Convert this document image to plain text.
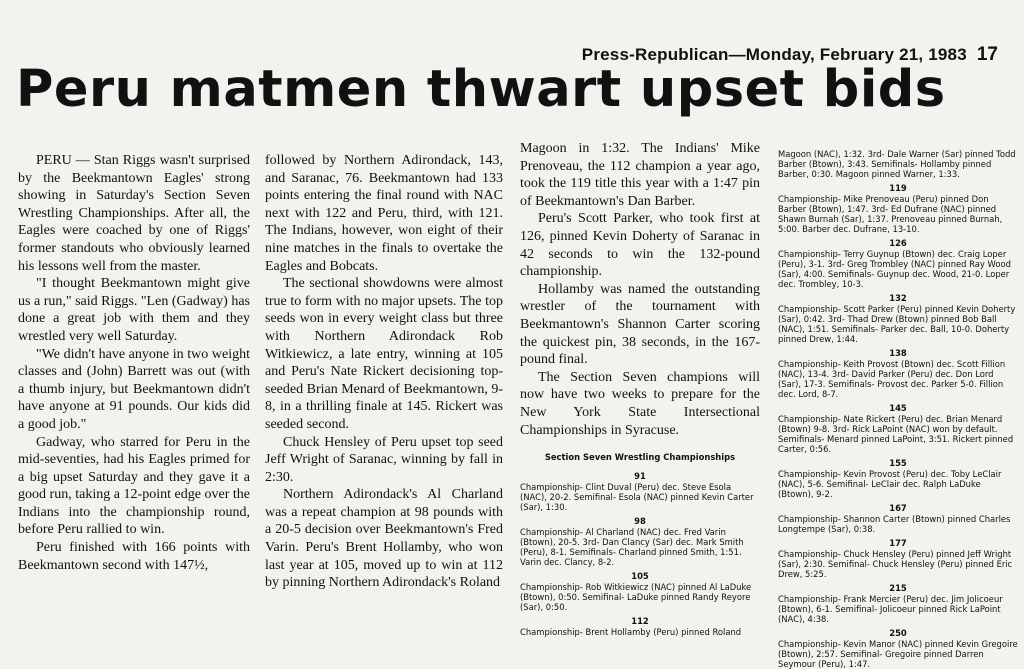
Press-Republican—Monday, February 21, 1983 17
Peru matmen thwart upset bids

PERU — Stan Riggs wasn't surprised by the Beekmantown Eagles' strong showing in Saturday's Section Seven Wrestling Championships. After all, the Eagles were coached by one of Riggs' former standouts who obviously learned his lessons well from the master.

"I thought Beekmantown might give us a run," said Riggs. "Len (Gadway) has done a great job with them and they wrestled very well Saturday.

"We didn't have anyone in two weight classes and (John) Barrett was out (with a thumb injury, but Beekmantown didn't have anyone at 91 pounds. Our kids did a good job."

Gadway, who starred for Peru in the mid-seventies, had his Eagles primed for a big upset Saturday and they gave it a good run, taking a 12-point edge over the Indians into the championship round, before Peru rallied to win.

Peru finished with 166 points with Beekmantown second with 147½,

followed by Northern Adirondack, 143, and Saranac, 76. Beekmantown had 133 points entering the final round with NAC next with 122 and Peru, third, with 121. The Indians, however, won eight of their nine matches in the finals to overtake the Eagles and Bobcats.

The sectional showdowns were almost true to form with no major upsets. The top seeds won in every weight class but three with Northern Adirondack Rob Witkiewicz, a late entry, winning at 105 and Peru's Nate Rickert decisioning top-seeded Brian Menard of Beekmantown, 9-8, in a thrilling finale at 145. Rickert was seeded second.

Chuck Hensley of Peru upset top seed Jeff Wright of Saranac, winning by fall in 2:30.

Northern Adirondack's Al Charland was a repeat champion at 98 pounds with a 20-5 decision over Beekmantown's Fred Varin. Peru's Brent Hollamby, who won last year at 105, moved up to win at 112 by pinning Northern Adirondack's Roland

Magoon in 1:32. The Indians' Mike Prenoveau, the 112 champion a year ago, took the 119 title this year with a 1:47 pin of Beekmantown's Dan Barber.

Peru's Scott Parker, who took first at 126, pinned Kevin Doherty of Saranac in 42 seconds to win the 132-pound championship.

Hollamby was named the outstanding wrestler of the tournament with Beekmantown's Shannon Carter scoring the quickest pin, 38 seconds, in the 167-pound final.

The Section Seven champions will now have two weeks to prepare for the New York State Intersectional Championships in Syracuse.

Section Seven Wrestling Championships
91
Championship- Clint Duval (Peru) dec. Steve Esola (NAC), 20-2. Semifinal- Esola (NAC) pinned Kevin Carter (Sar), 1:30.
98
Championship- Al Charland (NAC) dec. Fred Varin (Btown), 20-5. 3rd- Dan Clancy (Sar) dec. Mark Smith (Peru), 8-1. Semifinals- Charland pinned Smith, 1:51. Varin dec. Clancy, 8-2.
105
Championship- Rob Witkiewicz (NAC) pinned Al LaDuke (Btown), 0:50. Semifinal- LaDuke pinned Randy Reyore (Sar), 0:50.
112
Championship- Brent Hollamby (Peru) pinned Roland
Magoon (NAC), 1:32. 3rd- Dale Warner (Sar) pinned Todd Barber (Btown), 3:43. Semifinals- Hollamby pinned Barber, 0:30. Magoon pinned Warner, 1:33.
119
Championship- Mike Prenoveau (Peru) pinned Don Barber (Btown), 1:47. 3rd- Ed Dufrane (NAC) pinned Shawn Burnah (Sar), 1:37. Prenoveau pinned Burnah, 5:00. Barber dec. Dufrane, 13-10.
126
Championship- Terry Guynup (Btown) dec. Craig Loper (Peru), 3-1. 3rd- Greg Trombley (NAC) pinned Ray Wood (Sar), 4:00. Semifinals- Guynup dec. Wood, 21-0. Loper dec. Trombley, 10-3.
132
Championship- Scott Parker (Peru) pinned Kevin Doherty (Sar), 0:42. 3rd- Thad Drew (Btown) pinned Bob Ball (NAC), 1:51. Semifinals- Parker dec. Ball, 10-0. Doherty pinned Drew, 1:44.
138
Championship- Keith Provost (Btown) dec. Scott Fillion (NAC), 13-4. 3rd- David Parker (Peru) dec. Don Lord (Sar), 17-3. Semifinals- Provost dec. Parker 5-0. Fillion dec. Lord, 8-7.
145
Championship- Nate Rickert (Peru) dec. Brian Menard (Btown) 9-8. 3rd- Rick LaPoint (NAC) won by default. Semifinals- Menard pinned LaPoint, 3:51. Rickert pinned Carter, 0:56.
155
Championship- Kevin Provost (Peru) dec. Toby LeClair (NAC), 5-6. Semifinal- LeClair dec. Ralph LaDuke (Btown), 9-2.
167
Championship- Shannon Carter (Btown) pinned Charles Longtempe (Sar), 0:38.
177
Championship- Chuck Hensley (Peru) pinned Jeff Wright (Sar), 2:30. Semifinal- Chuck Hensley (Peru) pinned Eric Drew, 5:25.
215
Championship- Frank Mercier (Peru) dec. Jim Jolicoeur (Btown), 6-1. Semifinal- Jolicoeur pinned Rick LaPoint (NAC), 4:38.
250
Championship- Kevin Manor (NAC) pinned Kevin Gregoire (Btown), 2:57. Semifinal- Gregoire pinned Darren Seymour (Peru), 1:47.
